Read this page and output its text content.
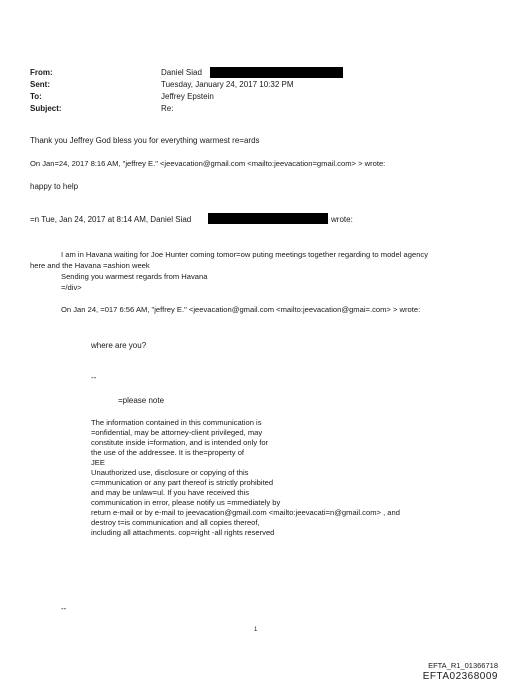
From:
Sent:
To:
Subject:
Daniel Siad
Tuesday, January 24, 2017 10:32 PM
Jeffrey Epstein
Re:
Thank you Jeffrey God bless you for everything warmest re=ards
On Jan=24, 2017 8:16 AM, "jeffrey E." <jeevacation@gmail.com <mailto:jeevacation=gmail.com> > wrote:
happy to help
=n Tue, Jan 24, 2017 at 8:14 AM, Daniel Siad	wrote:
I am in Havana waiting for Joe Hunter coming tomor=ow puting meetings together regarding to model agency
here and the Havana =ashion week
Sending you warmest regards from Havana
=/div>
On Jan 24, =017 6:56 AM, "jeffrey E." <jeevacation@gmail.com <mailto:jeevacation@gmai=.com> > wrote:
where are you?
--
=please note
The information contained in this communication is
=onfidential, may be attorney-client privileged, may
constitute inside i=formation, and is intended only for
the use of the addressee. It is the=property of
JEE
Unauthorized use, disclosure or copying of this
c=mmunication or any part thereof is strictly prohibited
and may be unlaw=ul. If you have received this
communication in error, please notify us =mmediately by
return e-mail or by e-mail to jeevacation@gmail.com <mailto:jeevacati=n@gmail.com> , and
destroy t=is communication and all copies thereof,
including all attachments. cop=right -all rights reserved
--
1
EFTA_R1_01366718
EFTA02368009
